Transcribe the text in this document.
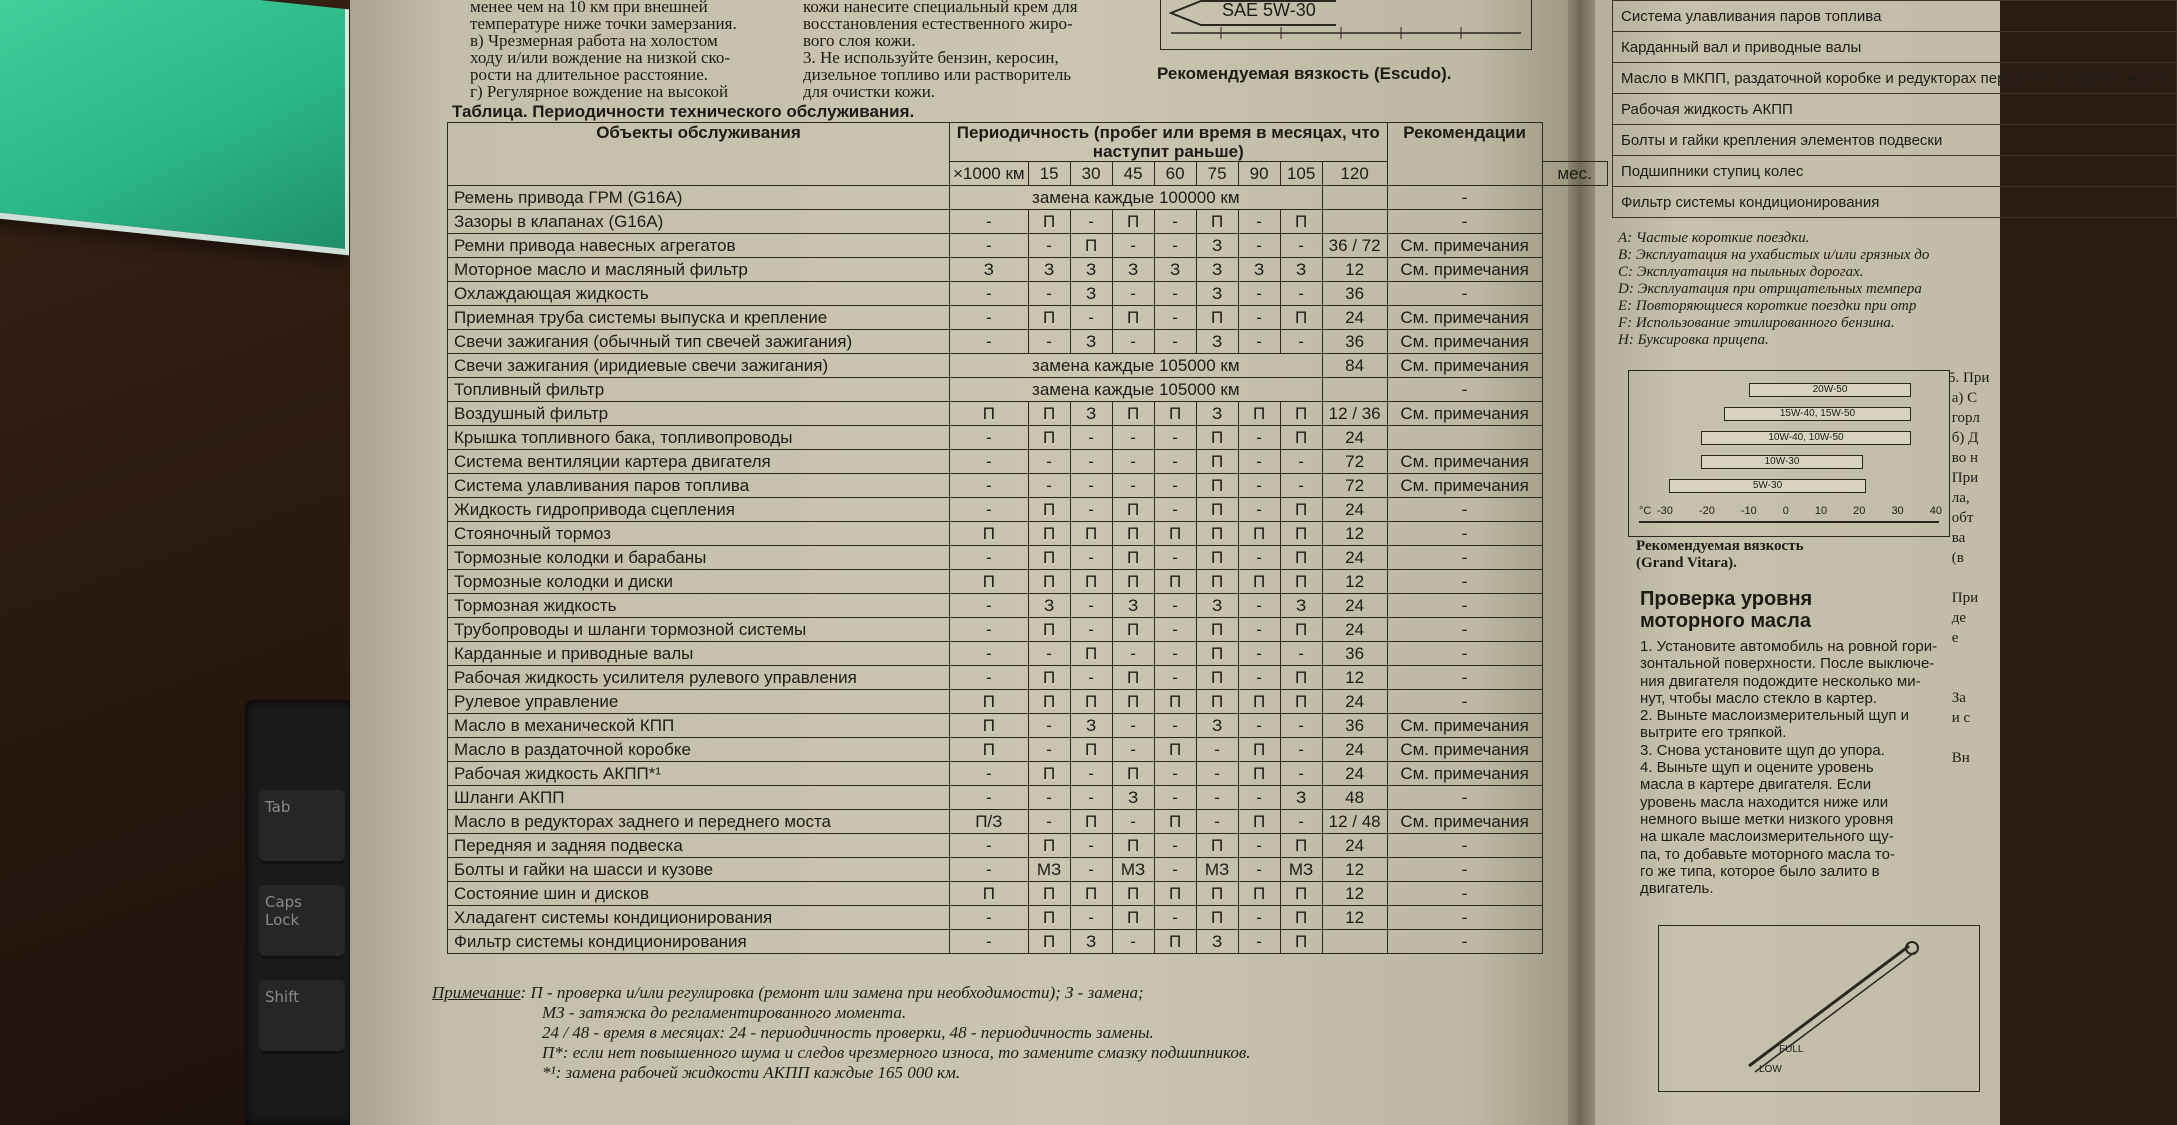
Tab
Caps Lock
Shift
менее чем на 10 км при внешней
температуре ниже точки замерзания.
в) Чрезмерная работа на холостом
ходу и/или вождение на низкой ско-
рости на длительное расстояние.
г) Регулярное вождение на высокой
кожи нанесите специальный крем для
восстановления естественного жиро-
вого слоя кожи.
3. Не используйте бензин, керосин,
дизельное топливо или растворитель
для очистки кожи.
SAE 5W-30
Рекомендуемая вязкость (Escudo).
Таблица. Периодичности технического обслуживания.
Объекты обслуживания	Периодичность (пробег или время в месяцах, что наступит раньше)									Рекомендации	
	×1000 км	15	30	45	60	75	90	105	120		мес.
Ремень привода ГРМ (G16A)	замена каждые 100000 км									-	
Зазоры в клапанах (G16A)	-	П	-	П	-	П	-	П		-	
Ремни привода навесных агрегатов	-	-	П	-	-	З	-	-	36 / 72	См. примечания	
Моторное масло и масляный фильтр	З	З	З	З	З	З	З	З	12	См. примечания	
Охлаждающая жидкость	-	-	З	-	-	З	-	-	36	-	
Приемная труба системы выпуска и крепление	-	П	-	П	-	П	-	П	24	См. примечания	
Свечи зажигания (обычный тип свечей зажигания)	-	-	З	-	-	З	-	-	36	См. примечания	
Свечи зажигания (иридиевые свечи зажигания)	замена каждые 105000 км								84	См. примечания	
Топливный фильтр	замена каждые 105000 км									-	
Воздушный фильтр	П	П	З	П	П	З	П	П	12 / 36	См. примечания	
Крышка топливного бака, топливопроводы	-	П	-	-	-	П	-	П	24		
Система вентиляции картера двигателя	-	-	-	-	-	П	-	-	72	См. примечания	
Система улавливания паров топлива	-	-	-	-	-	П	-	-	72	См. примечания	
Жидкость гидропривода сцепления	-	П	-	П	-	П	-	П	24	-	
Стояночный тормоз	П	П	П	П	П	П	П	П	12	-	
Тормозные колодки и барабаны	-	П	-	П	-	П	-	П	24	-	
Тормозные колодки и диски	П	П	П	П	П	П	П	П	12	-	
Тормозная жидкость	-	З	-	З	-	З	-	З	24	-	
Трубопроводы и шланги тормозной системы	-	П	-	П	-	П	-	П	24	-	
Карданные и приводные валы	-	-	П	-	-	П	-	-	36	-	
Рабочая жидкость усилителя рулевого управления	-	П	-	П	-	П	-	П	12	-	
Рулевое управление	П	П	П	П	П	П	П	П	24	-	
Масло в механической КПП	П	-	З	-	-	З	-	-	36	См. примечания	
Масло в раздаточной коробке	П	-	П	-	П	-	П	-	24	См. примечания	
Рабочая жидкость АКПП*¹	-	П	-	П	-	-	П	-	24	См. примечания	
Шланги АКПП	-	-	-	З	-	-	-	З	48	-	
Масло в редукторах заднего и переднего моста	П/З	-	П	-	П	-	П	-	12 / 48	См. примечания	
Передняя и задняя подвеска	-	П	-	П	-	П	-	П	24	-	
Болты и гайки на шасси и кузове	-	МЗ	-	МЗ	-	МЗ	-	МЗ	12	-	
Состояние шин и дисков	П	П	П	П	П	П	П	П	12	-	
Хладагент системы кондиционирования	-	П	-	П	-	П	-	П	12	-	
Фильтр системы кондиционирования	-	П	З	-	П	З	-	П		-	
Примечание: П - проверка и/или регулировка (ремонт или замена при необходимости); З - замена;
МЗ - затяжка до регламентированного момента.
24 / 48 - время в месяцах: 24 - периодичность проверки, 48 - периодичность замены.
П*: если нет повышенного шума и следов чрезмерного износа, то замените смазку подшипников.
*¹: замена рабочей жидкости АКПП каждые 165 000 км.
Система улавливания паров топлива
Карданный вал и приводные валы
Масло в МКПП, раздаточной коробке и редукторах переднего и заднего моста
Рабочая жидкость АКПП
Болты и гайки крепления элементов подвески
Подшипники ступиц колес
Фильтр системы кондиционирования
A: Частые короткие поездки.
B: Эксплуатация на ухабистых и/или грязных до
C: Эксплуатация на пыльных дорогах.
D: Эксплуатация при отрицательных темпера
E: Повторяющиеся короткие поездки при отр
F: Использование этилированного бензина.
H: Буксировка прицепа.
20W-50
15W-40, 15W-50
10W-40, 10W-50
10W-30
5W-30
°C -30 -20 -10 0 10 20 30 40
Рекомендуемая вязкость
(Grand Vitara).
Проверка уровня
моторного масла
1. Установите автомобиль на ровной гори-
зонтальной поверхности. После выключе-
ния двигателя подождите несколько ми-
нут, чтобы масло стекло в картер.
2. Выньте маслоизмерительный щуп и
вытрите его тряпкой.
3. Снова установите щуп до упора.
4. Выньте щуп и оцените уровень
масла в картере двигателя. Если
уровень масла находится ниже или
немного выше метки низкого уровня
на шкале маслоизмерительного щу-
па, то добавьте моторного масла то-
го же типа, которое было залито в
двигатель.
FULL
LOW
5. При
а) С
горл
б) Д
во н
При
ла,
обт
ва
(в

При
де
е

За
и с

Вн
